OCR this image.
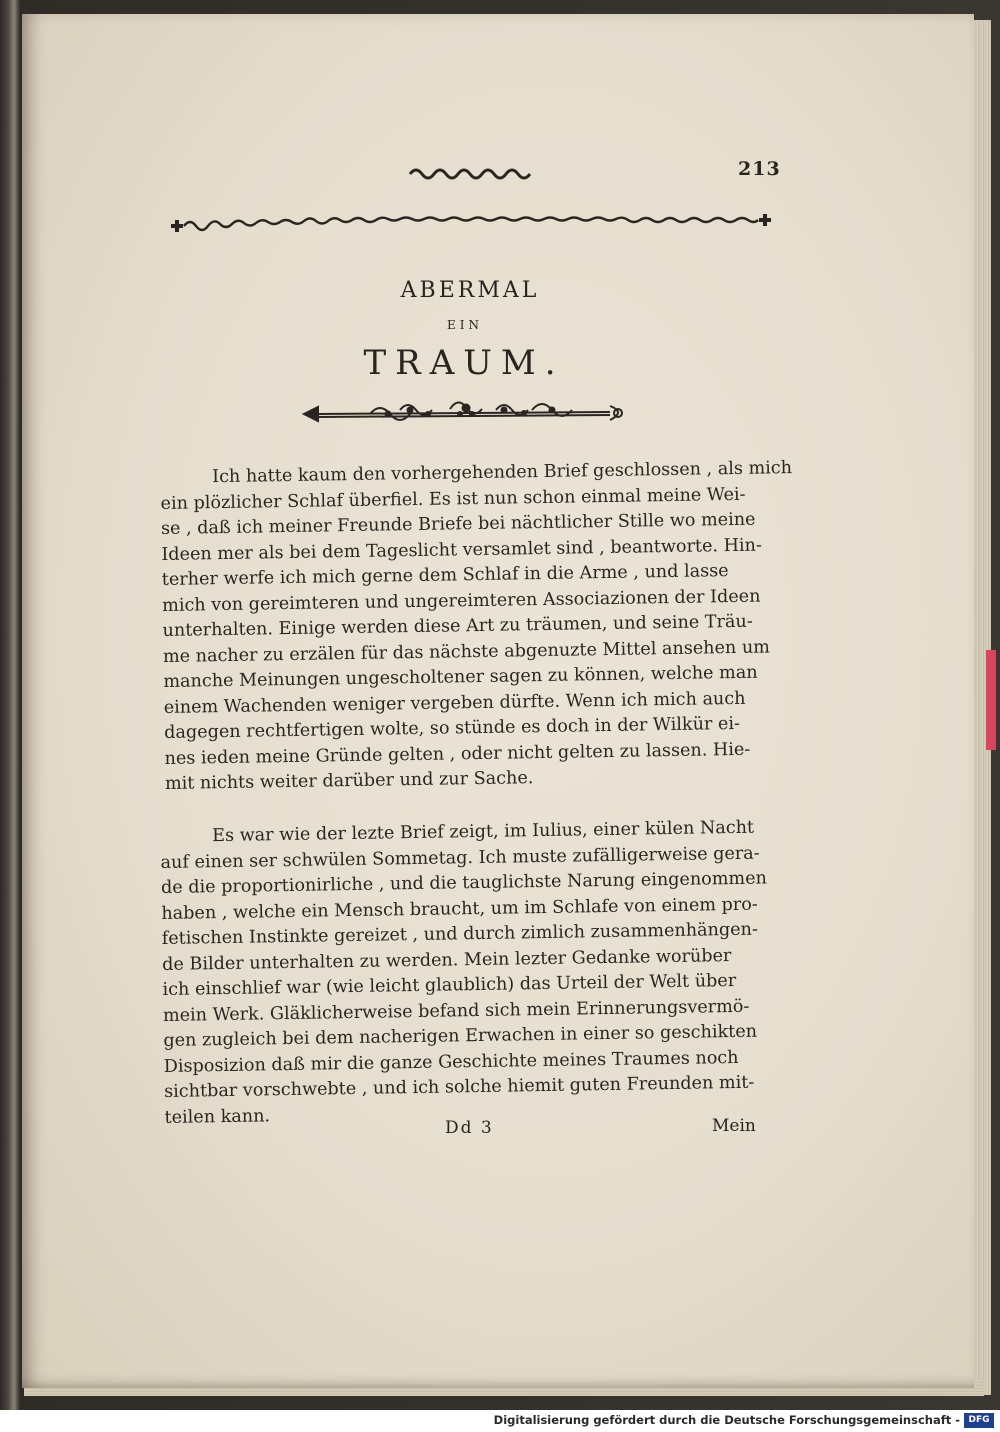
213
ABERMAL
EIN
TRAUM.
Ich hatte kaum den vorhergehenden Brief geschlossen , als mich
ein plözlicher Schlaf überfiel. Es ist nun schon einmal meine Wei-
se , daß ich meiner Freunde Briefe bei nächtlicher Stille wo meine
Ideen mer als bei dem Tageslicht versamlet sind , beantworte. Hin-
terher werfe ich mich gerne dem Schlaf in die Arme , und lasse
mich von gereimteren und ungereimteren Associazionen der Ideen
unterhalten. Einige werden diese Art zu träumen, und seine Träu-
me nacher zu erzälen für das nächste abgenuzte Mittel ansehen um
manche Meinungen ungescholtener sagen zu können, welche man
einem Wachenden weniger vergeben dürfte. Wenn ich mich auch
dagegen rechtfertigen wolte, so stünde es doch in der Wilkür ei-
nes ieden meine Gründe gelten , oder nicht gelten zu lassen. Hie-
mit nichts weiter darüber und zur Sache.
Es war wie der lezte Brief zeigt, im Iulius, einer külen Nacht
auf einen ser schwülen Sommetag. Ich muste zufälligerweise gera-
de die proportionirliche , und die tauglichste Narung eingenommen
haben , welche ein Mensch braucht, um im Schlafe von einem pro-
fetischen Instinkte gereizet , und durch zimlich zusammenhängen-
de Bilder unterhalten zu werden. Mein lezter Gedanke worüber
ich einschlief war (wie leicht glaublich) das Urteil der Welt über
mein Werk. Gläklicherweise befand sich mein Erinnerungsvermö-
gen zugleich bei dem nacherigen Erwachen in einer so geschikten
Disposizion daß mir die ganze Geschichte meines Traumes noch
sichtbar vorschwebte , und ich solche hiemit guten Freunden mit-
teilen kann.
Dd 3	Mein
Digitalisierung gefördert durch die Deutsche Forschungsgemeinschaft - DFG
